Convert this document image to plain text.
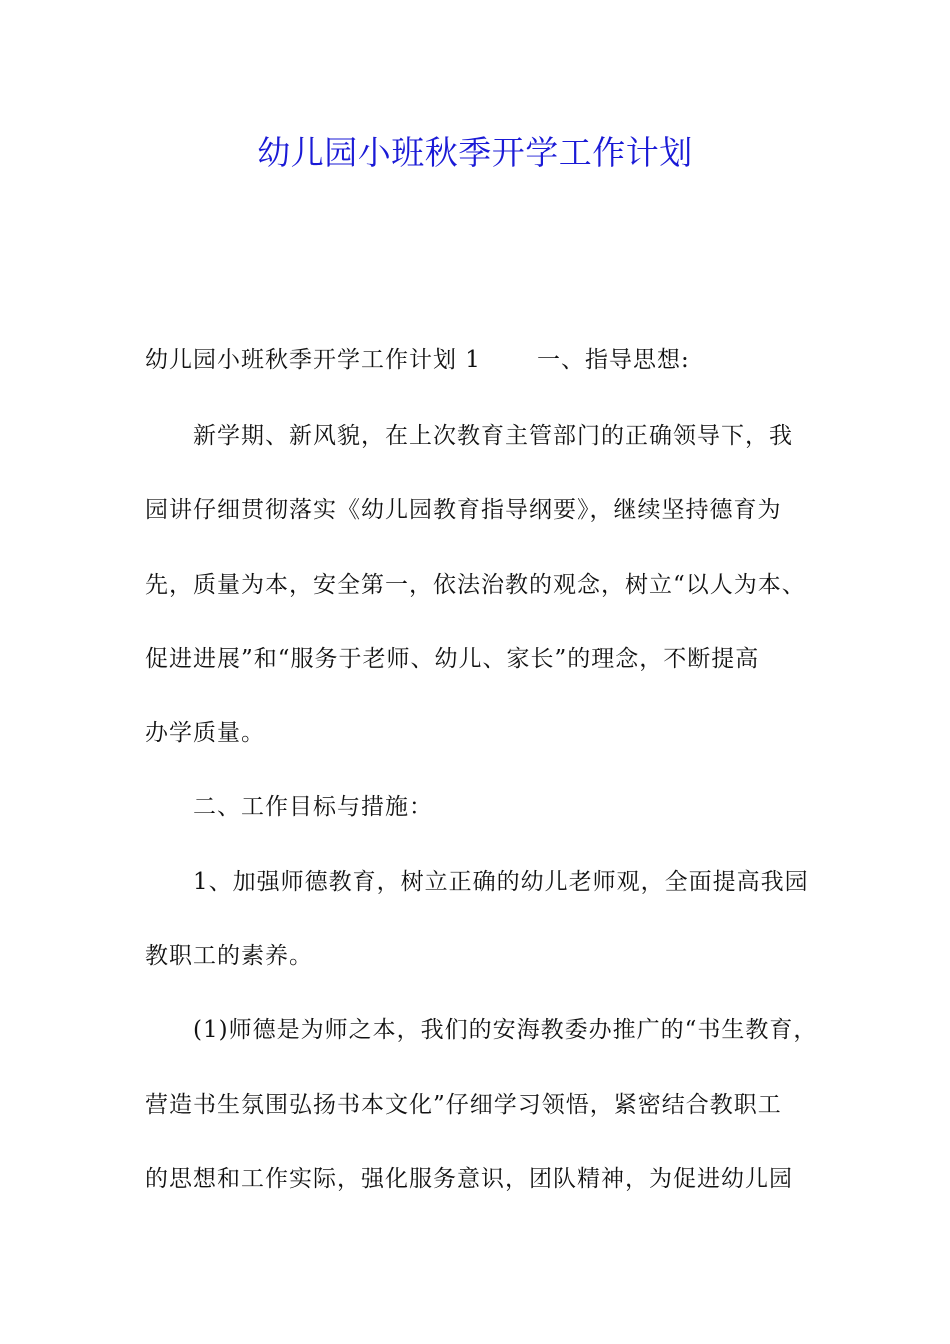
幼儿园小班秋季开学工作计划
幼儿园小班秋季开学工作计划 1 一、指导思想:
新学期、新风貌，在上次教育主管部门的正确领导下，我
园讲仔细贯彻落实《幼儿园教育指导纲要》，继续坚持德育为
先，质量为本，安全第一，依法治教的观念，树立“以人为本、
促进进展”和“服务于老师、幼儿、家长”的理念，不断提高
办学质量。
二、工作目标与措施：
1、加强师德教育，树立正确的幼儿老师观，全面提高我园
教职工的素养。
(1)师德是为师之本，我们的安海教委办推广的“书生教育，
营造书生氛围弘扬书本文化”仔细学习领悟，紧密结合教职工
的思想和工作实际，强化服务意识，团队精神，为促进幼儿园
